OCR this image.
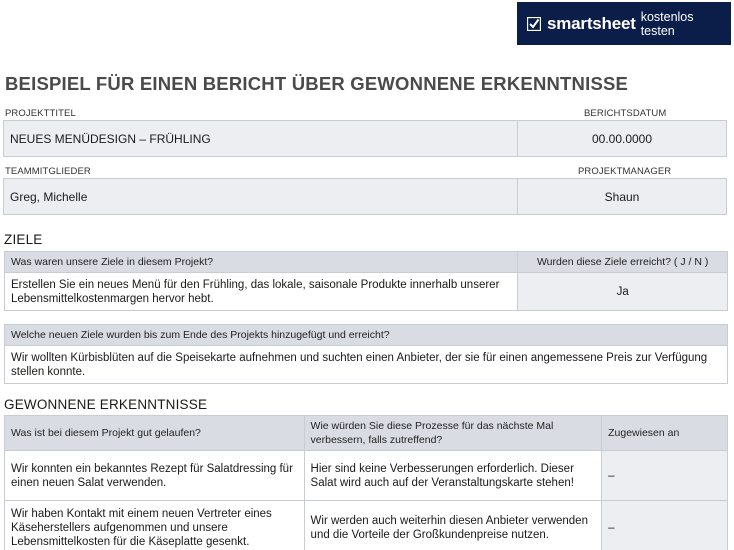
smartsheet kostenlos testen
BEISPIEL FÜR EINEN BERICHT ÜBER GEWONNENE ERKENNTNISSE
PROJEKTTITEL	BERICHTSDATUM
NEUES MENÜDESIGN – FRÜHLING	00.00.0000
TEAMMITGLIEDER	PROJEKTMANAGER
Greg, Michelle	Shaun
ZIELE
Was waren unsere Ziele in diesem Projekt?	Wurden diese Ziele erreicht? ( J / N )
Erstellen Sie ein neues Menü für den Frühling, das lokale, saisonale Produkte innerhalb unserer Lebensmittelkostenmargen hervor hebt.	Ja
Welche neuen Ziele wurden bis zum Ende des Projekts hinzugefügt und erreicht?
Wir wollten Kürbisblüten auf die Speisekarte aufnehmen und suchten einen Anbieter, der sie für einen angemessene Preis zur Verfügung stellen konnte.
GEWONNENE ERKENNTNISSE
Was ist bei diesem Projekt gut gelaufen?	Wie würden Sie diese Prozesse für das nächste Mal verbessern, falls zutreffend?	Zugewiesen an
Wir konnten ein bekanntes Rezept für Salatdressing für einen neuen Salat verwenden.	Hier sind keine Verbesserungen erforderlich. Dieser Salat wird auch auf der Veranstaltungskarte stehen!	–
Wir haben Kontakt mit einem neuen Vertreter eines Käseherstellers aufgenommen und unsere Lebensmittelkosten für die Käseplatte gesenkt.	Wir werden auch weiterhin diesen Anbieter verwenden und die Vorteile der Großkundenpreise nutzen.	–
